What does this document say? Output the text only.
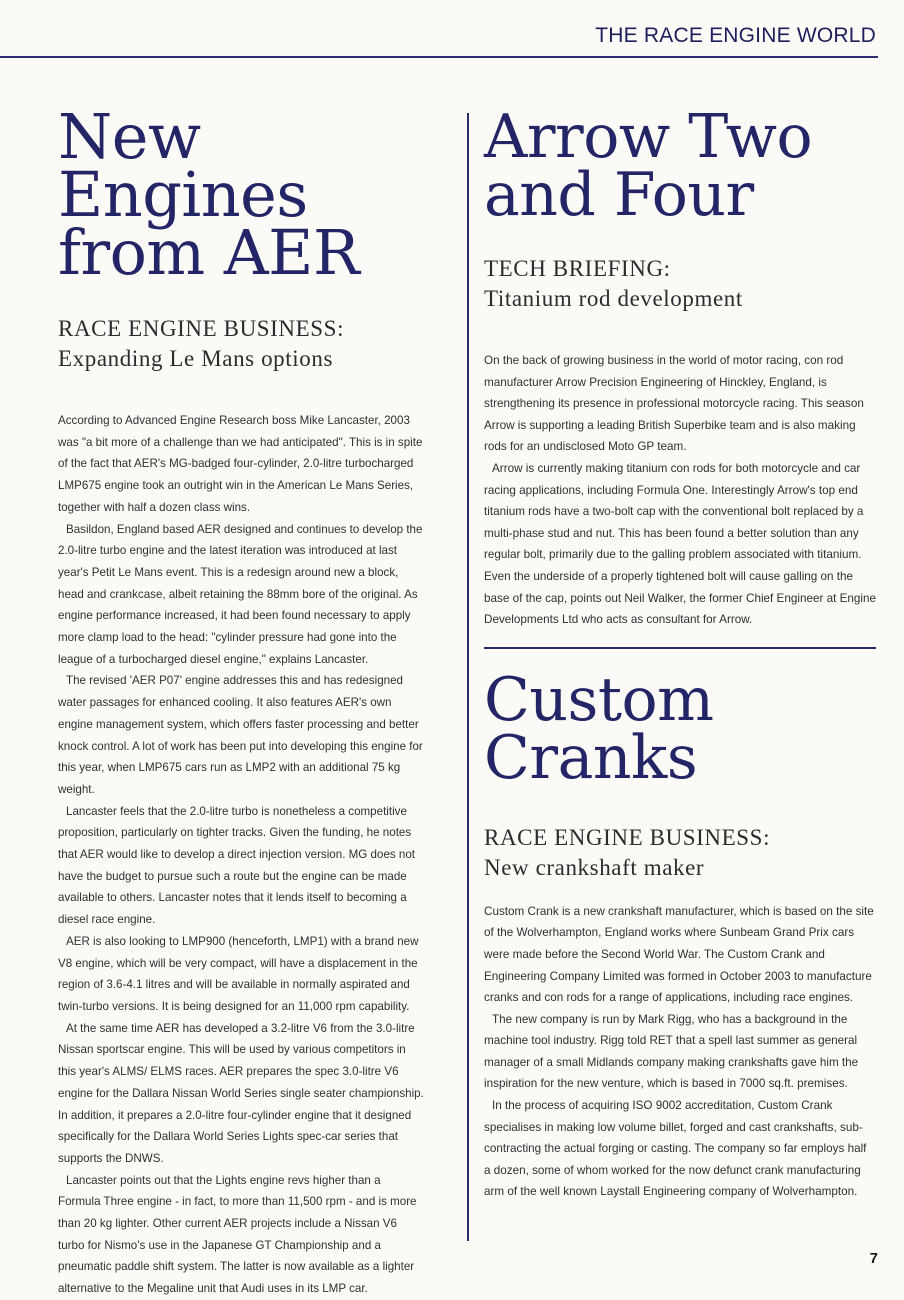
THE RACE ENGINE WORLD
New
Engines
from AER
RACE ENGINE BUSINESS:
Expanding Le Mans options

According to Advanced Engine Research boss Mike Lancaster, 2003 was "a bit more of a challenge than we had anticipated". This is in spite of the fact that AER's MG-badged four-cylinder, 2.0-litre turbocharged LMP675 engine took an outright win in the American Le Mans Series, together with half a dozen class wins.

Basildon, England based AER designed and continues to develop the 2.0-litre turbo engine and the latest iteration was introduced at last year's Petit Le Mans event. This is a redesign around new a block, head and crankcase, albeit retaining the 88mm bore of the original. As engine performance increased, it had been found necessary to apply more clamp load to the head: "cylinder pressure had gone into the league of a turbocharged diesel engine," explains Lancaster.

The revised 'AER P07' engine addresses this and has redesigned water passages for enhanced cooling. It also features AER's own engine management system, which offers faster processing and better knock control. A lot of work has been put into developing this engine for this year, when LMP675 cars run as LMP2 with an additional 75 kg weight.

Lancaster feels that the 2.0-litre turbo is nonetheless a competitive proposition, particularly on tighter tracks. Given the funding, he notes that AER would like to develop a direct injection version. MG does not have the budget to pursue such a route but the engine can be made available to others. Lancaster notes that it lends itself to becoming a diesel race engine.

AER is also looking to LMP900 (henceforth, LMP1) with a brand new V8 engine, which will be very compact, will have a displacement in the region of 3.6-4.1 litres and will be available in normally aspirated and twin-turbo versions. It is being designed for an 11,000 rpm capability.

At the same time AER has developed a 3.2-litre V6 from the 3.0-litre Nissan sportscar engine. This will be used by various competitors in this year's ALMS/ ELMS races. AER prepares the spec 3.0-litre V6 engine for the Dallara Nissan World Series single seater championship. In addition, it prepares a 2.0-litre four-cylinder engine that it designed specifically for the Dallara World Series Lights spec-car series that supports the DNWS.

Lancaster points out that the Lights engine revs higher than a Formula Three engine - in fact, to more than 11,500 rpm - and is more than 20 kg lighter. Other current AER projects include a Nissan V6 turbo for Nismo's use in the Japanese GT Championship and a pneumatic paddle shift system. The latter is now available as a lighter alternative to the Megaline unit that Audi uses in its LMP car.

Arrow Two
and Four
TECH BRIEFING:
Titanium rod development

On the back of growing business in the world of motor racing, con rod manufacturer Arrow Precision Engineering of Hinckley, England, is strengthening its presence in professional motorcycle racing. This season Arrow is supporting a leading British Superbike team and is also making rods for an undisclosed Moto GP team.

Arrow is currently making titanium con rods for both motorcycle and car racing applications, including Formula One. Interestingly Arrow's top end titanium rods have a two-bolt cap with the conventional bolt replaced by a multi-phase stud and nut. This has been found a better solution than any regular bolt, primarily due to the galling problem associated with titanium. Even the underside of a properly tightened bolt will cause galling on the base of the cap, points out Neil Walker, the former Chief Engineer at Engine Developments Ltd who acts as consultant for Arrow.

Custom
Cranks
RACE ENGINE BUSINESS:
New crankshaft maker

Custom Crank is a new crankshaft manufacturer, which is based on the site of the Wolverhampton, England works where Sunbeam Grand Prix cars were made before the Second World War. The Custom Crank and Engineering Company Limited was formed in October 2003 to manufacture cranks and con rods for a range of applications, including race engines.

The new company is run by Mark Rigg, who has a background in the machine tool industry. Rigg told RET that a spell last summer as general manager of a small Midlands company making crankshafts gave him the inspiration for the new venture, which is based in 7000 sq.ft. premises.

In the process of acquiring ISO 9002 accreditation, Custom Crank specialises in making low volume billet, forged and cast crankshafts, sub-contracting the actual forging or casting. The company so far employs half a dozen, some of whom worked for the now defunct crank manufacturing arm of the well known Laystall Engineering company of Wolverhampton.

7
